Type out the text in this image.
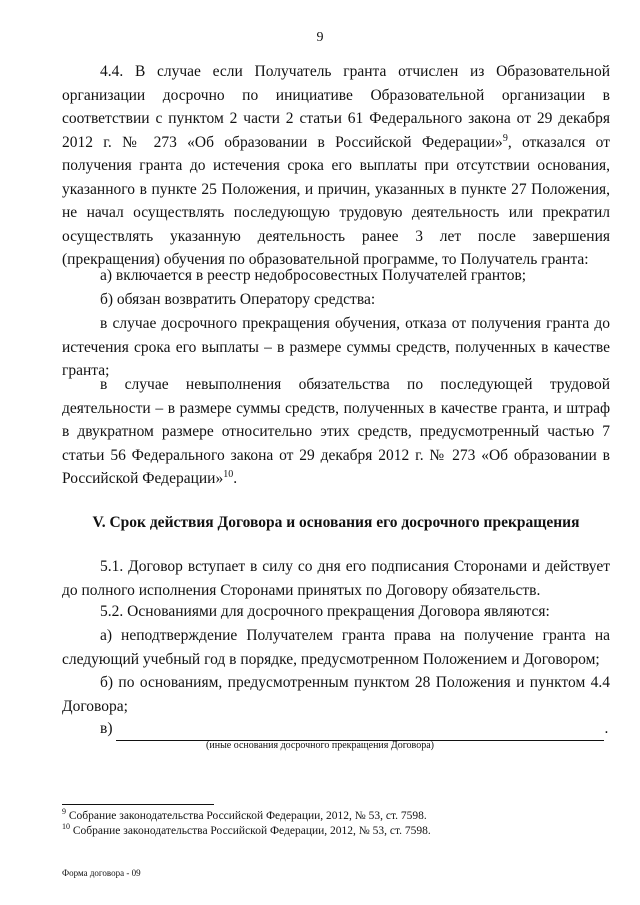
9
4.4. В случае если Получатель гранта отчислен из Образовательной организации досрочно по инициативе Образовательной организации в соответствии с пунктом 2 части 2 статьи 61 Федерального закона от 29 декабря 2012 г. № 273 «Об образовании в Российской Федерации»$^9$, отказался от получения гранта до истечения срока его выплаты при отсутствии основания, указанного в пункте 25 Положения, и причин, указанных в пункте 27 Положения, не начал осуществлять последующую трудовую деятельность или прекратил осуществлять указанную деятельность ранее 3 лет после завершения (прекращения) обучения по образовательной программе, то Получатель гранта:
а) включается в реестр недобросовестных Получателей грантов;
б) обязан возвратить Оператору средства:
в случае досрочного прекращения обучения, отказа от получения гранта до истечения срока его выплаты – в размере суммы средств, полученных в качестве гранта;
в случае невыполнения обязательства по последующей трудовой деятельности – в размере суммы средств, полученных в качестве гранта, и штраф в двукратном размере относительно этих средств, предусмотренный частью 7 статьи 56 Федерального закона от 29 декабря 2012 г. № 273 «Об образовании в Российской Федерации»$^{10}$.
V. Срок действия Договора и основания его досрочного прекращения
5.1. Договор вступает в силу со дня его подписания Сторонами и действует до полного исполнения Сторонами принятых по Договору обязательств.
5.2. Основаниями для досрочного прекращения Договора являются:
а) неподтверждение Получателем гранта права на получение гранта на следующий учебный год в порядке, предусмотренном Положением и Договором;
б) по основаниям, предусмотренным пунктом 28 Положения и пунктом 4.4 Договора;
в)	.
(иные основания досрочного прекращения Договора)
$^9$ Собрание законодательства Российской Федерации, 2012, № 53, ст. 7598.
$^{10}$ Собрание законодательства Российской Федерации, 2012, № 53, ст. 7598.
Форма договора - 09
